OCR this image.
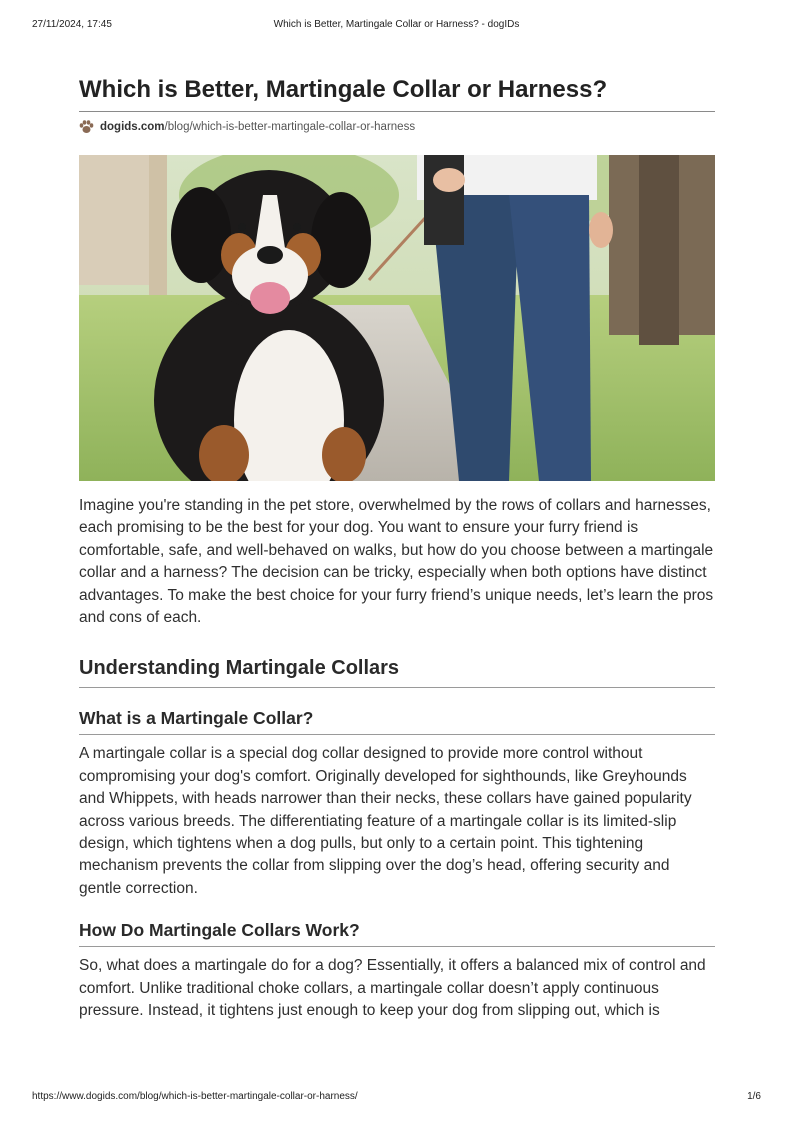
27/11/2024, 17:45	Which is Better, Martingale Collar or Harness? - dogIDs
Which is Better, Martingale Collar or Harness?
dogids.com /blog/which-is-better-martingale-collar-or-harness

Imagine you're standing in the pet store, overwhelmed by the rows of collars and harnesses, each promising to be the best for your dog. You want to ensure your furry friend is comfortable, safe, and well-behaved on walks, but how do you choose between a martingale collar and a harness? The decision can be tricky, especially when both options have distinct advantages. To make the best choice for your furry friend’s unique needs, let’s learn the pros and cons of each.

Understanding Martingale Collars
What is a Martingale Collar?

A martingale collar is a special dog collar designed to provide more control without compromising your dog's comfort. Originally developed for sighthounds, like Greyhounds and Whippets, with heads narrower than their necks, these collars have gained popularity across various breeds. The differentiating feature of a martingale collar is its limited-slip design, which tightens when a dog pulls, but only to a certain point. This tightening mechanism prevents the collar from slipping over the dog’s head, offering security and gentle correction.

How Do Martingale Collars Work?

So, what does a martingale do for a dog? Essentially, it offers a balanced mix of control and comfort. Unlike traditional choke collars, a martingale collar doesn’t apply continuous pressure. Instead, it tightens just enough to keep your dog from slipping out, which is

https://www.dogids.com/blog/which-is-better-martingale-collar-or-harness/	1/6
